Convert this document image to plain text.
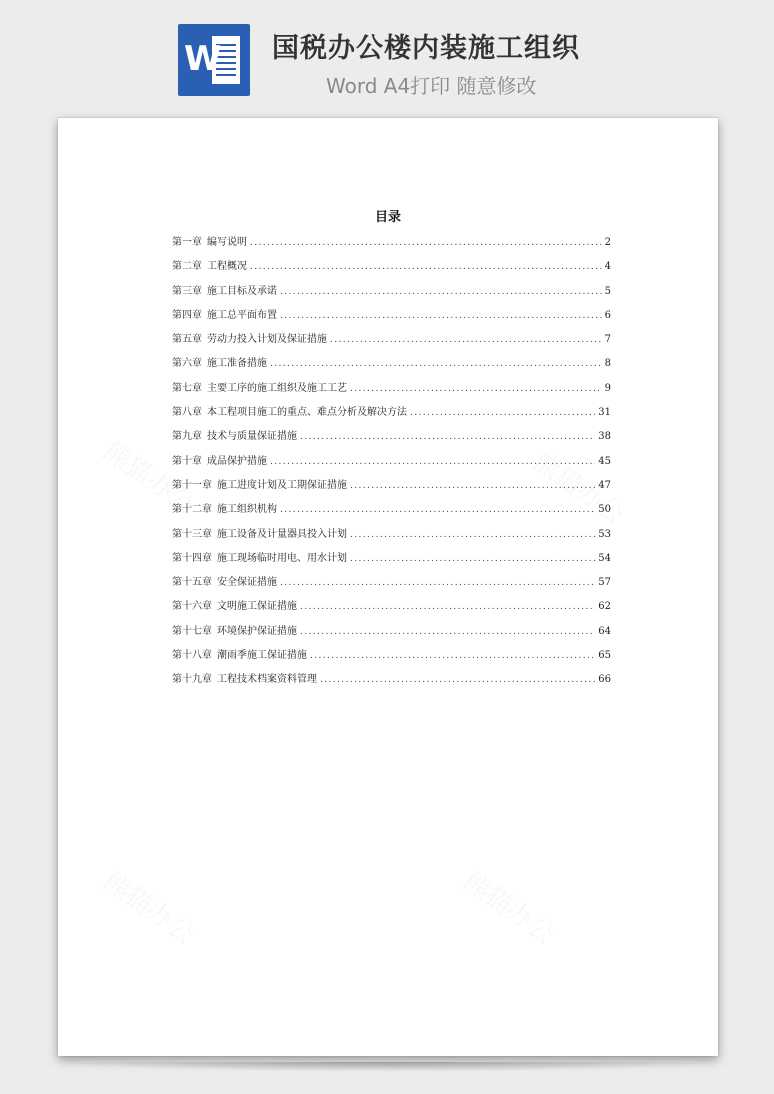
W 国税办公楼内装施工组织
Word A4打印 随意修改
目录
第一章 编写说明 .....	2
第二章 工程概况 .....	4
第三章 施工目标及承诺 .....	5
第四章 施工总平面布置 .....	6
第五章 劳动力投入计划及保证措施 .....	7
第六章 施工准备措施 .....	8
第七章 主要工序的施工组织及施工工艺 .....	9
第八章 本工程项目施工的重点、难点分析及解决方法 .....	31
第九章 技术与质量保证措施 .....	38
第十章 成品保护措施 .....	45
第十一章 施工进度计划及工期保证措施 .....	47
第十二章 施工组织机构 .....	50
第十三章 施工设备及计量器具投入计划 .....	53
第十四章 施工现场临时用电、用水计划 .....	54
第十五章 安全保证措施 .....	57
第十六章 文明施工保证措施 .....	62
第十七章 环境保护保证措施 .....	64
第十八章 潮雨季施工保证措施 .....	65
第十九章 工程技术档案资料管理 .....	66
